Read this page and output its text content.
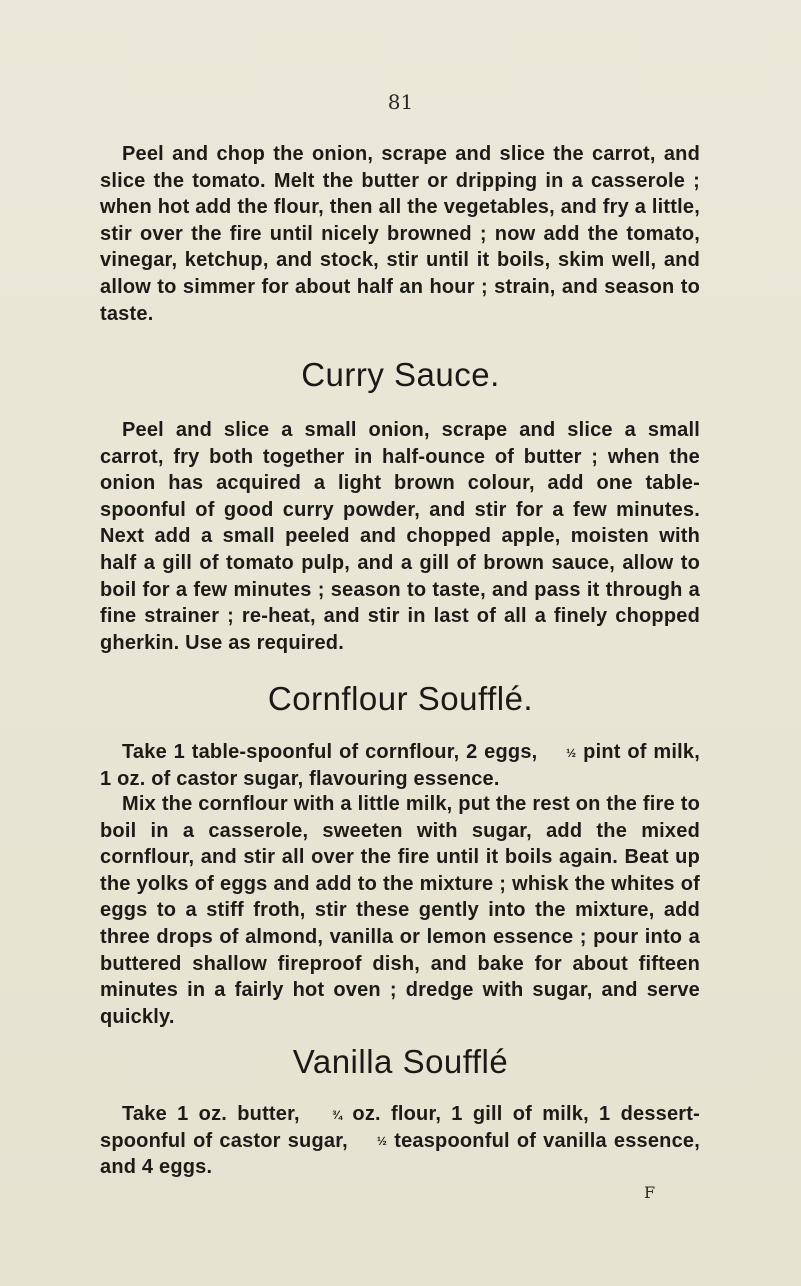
81

Peel and chop the onion, scrape and slice the carrot, and slice the tomato. Melt the butter or dripping in a casserole ; when hot add the flour, then all the vegetables, and fry a little, stir over the fire until nicely browned ; now add the tomato, vinegar, ketchup, and stock, stir until it boils, skim well, and allow to simmer for about half an hour ; strain, and season to taste.

Curry Sauce.

Peel and slice a small onion, scrape and slice a small carrot, fry both together in half-ounce of butter ; when the onion has acquired a light brown colour, add one table-spoonful of good curry powder, and stir for a few minutes. Next add a small peeled and chopped apple, moisten with half a gill of tomato pulp, and a gill of brown sauce, allow to boil for a few minutes ; season to taste, and pass it through a fine strainer ; re-heat, and stir in last of all a finely chopped gherkin. Use as required.

Cornflour Soufflé.

Take 1 table-spoonful of cornflour, 2 eggs, ½ pint of milk, 1 oz. of castor sugar, flavouring essence.

Mix the cornflour with a little milk, put the rest on the fire to boil in a casserole, sweeten with sugar, add the mixed cornflour, and stir all over the fire until it boils again. Beat up the yolks of eggs and add to the mixture ; whisk the whites of eggs to a stiff froth, stir these gently into the mixture, add three drops of almond, vanilla or lemon essence ; pour into a buttered shallow fireproof dish, and bake for about fifteen minutes in a fairly hot oven ; dredge with sugar, and serve quickly.

Vanilla Soufflé

Take 1 oz. butter,	¾ oz. flour, 1 gill of milk, 1 dessert-spoonful of castor sugar, ½ teaspoonful of vanilla essence, and 4 eggs.

F
